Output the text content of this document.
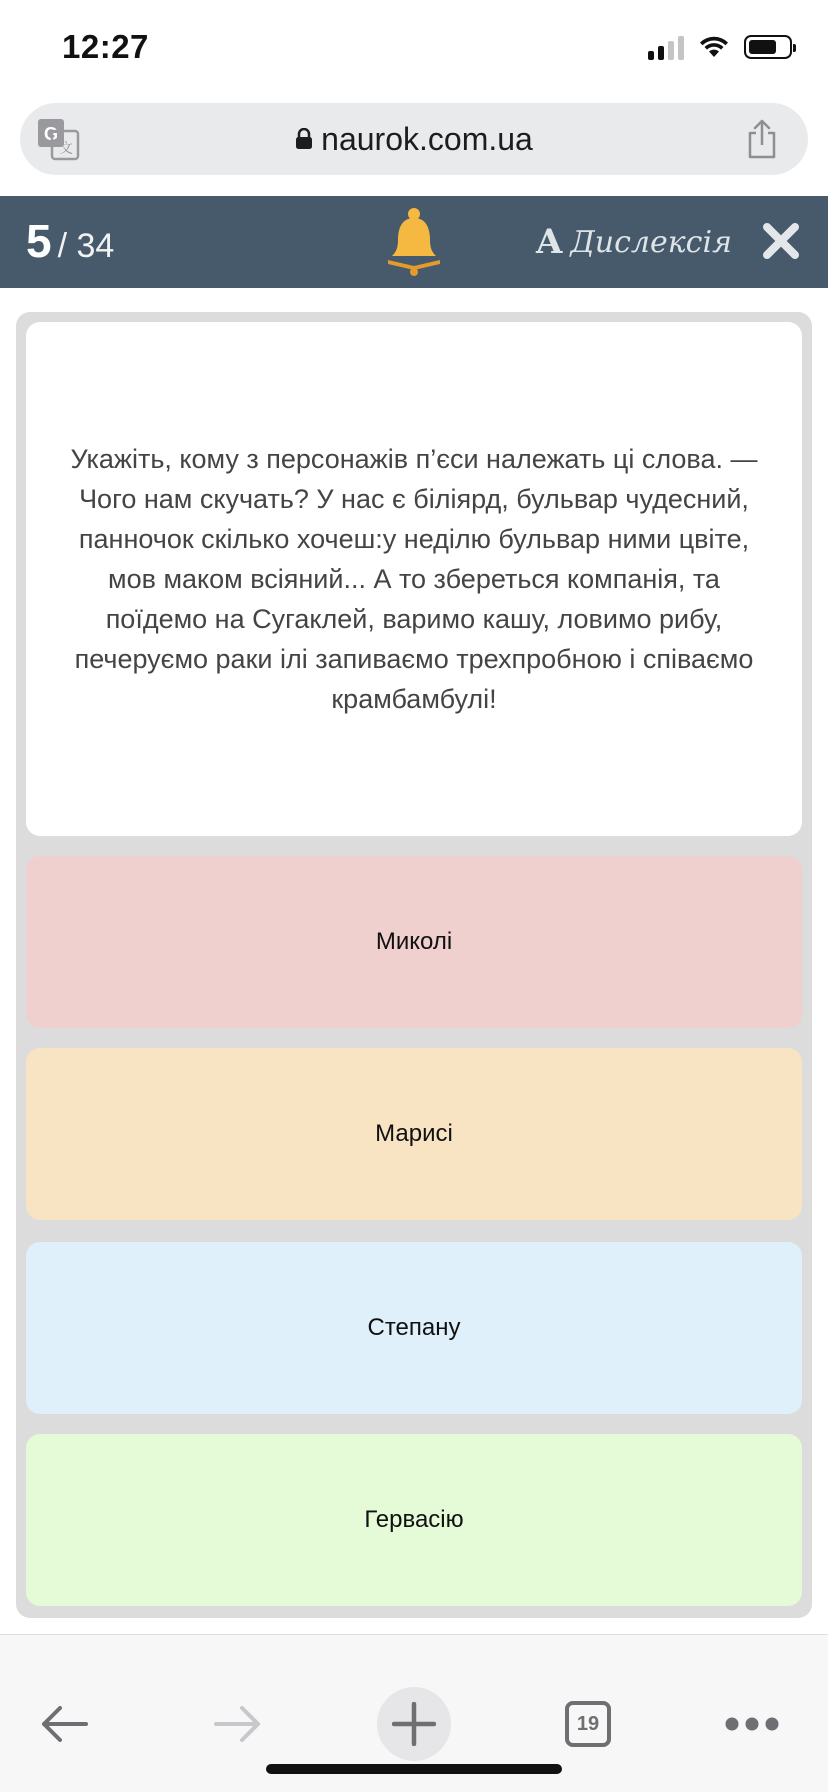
12:27
G
文	naurok.com.ua
5 / 34	A Дислексія
Укажіть, кому з персонажів п’єси належать ці слова. — Чого нам скучать? У нас є біліярд, бульвар чудесний, панночок скілько хочеш:у неділю бульвар ними цвіте, мов маком всіяний... А то збереться компанія, та поїдемо на Сугаклей, варимо кашу, ловимо рибу, печеруємо раки ілі запиваємо трехпробною і співаємо крамбамбулі!
Миколі
Марисі
Степану
Гервасію
19
